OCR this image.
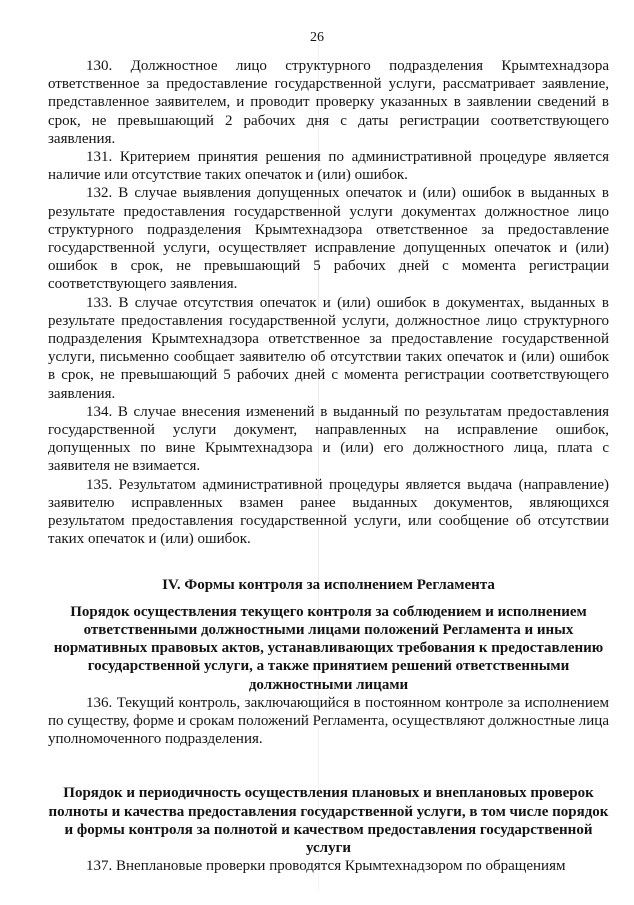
26

130. Должностное лицо структурного подразделения Крымтехнадзора ответственное за предоставление государственной услуги, рассматривает заявление, представленное заявителем, и проводит проверку указанных в заявлении сведений в срок, не превышающий 2 рабочих дня с даты регистрации соответствующего заявления.

131. Критерием принятия решения по административной процедуре является наличие или отсутствие таких опечаток и (или) ошибок.

132. В случае выявления допущенных опечаток и (или) ошибок в выданных в результате предоставления государственной услуги документах должностное лицо структурного подразделения Крымтехнадзора ответственное за предоставление государственной услуги, осуществляет исправление допущенных опечаток и (или) ошибок в срок, не превышающий 5 рабочих дней с момента регистрации соответствующего заявления.

133. В случае отсутствия опечаток и (или) ошибок в документах, выданных в результате предоставления государственной услуги, должностное лицо структурного подразделения Крымтехнадзора ответственное за предоставление государственной услуги, письменно сообщает заявителю об отсутствии таких опечаток и (или) ошибок в срок, не превышающий 5 рабочих дней с момента регистрации соответствующего заявления.

134. В случае внесения изменений в выданный по результатам предоставления государственной услуги документ, направленных на исправление ошибок, допущенных по вине Крымтехнадзора и (или) его должностного лица, плата с заявителя не взимается.

135. Результатом административной процедуры является выдача (направление) заявителю исправленных взамен ранее выданных документов, являющихся результатом предоставления государственной услуги, или сообщение об отсутствии таких опечаток и (или) ошибок.

IV. Формы контроля за исполнением Регламента
Порядок осуществления текущего контроля за соблюдением и исполнением ответственными должностными лицами положений Регламента и иных нормативных правовых актов, устанавливающих требования к предоставлению государственной услуги, а также принятием решений ответственными должностными лицами

136. Текущий контроль, заключающийся в постоянном контроле за исполнением по существу, форме и срокам положений Регламента, осуществляют должностные лица уполномоченного подразделения.

Порядок и периодичность осуществления плановых и внеплановых проверок полноты и качества предоставления государственной услуги, в том числе порядок и формы контроля за полнотой и качеством предоставления государственной услуги

137. Внеплановые проверки проводятся Крымтехнадзором по обращениям
